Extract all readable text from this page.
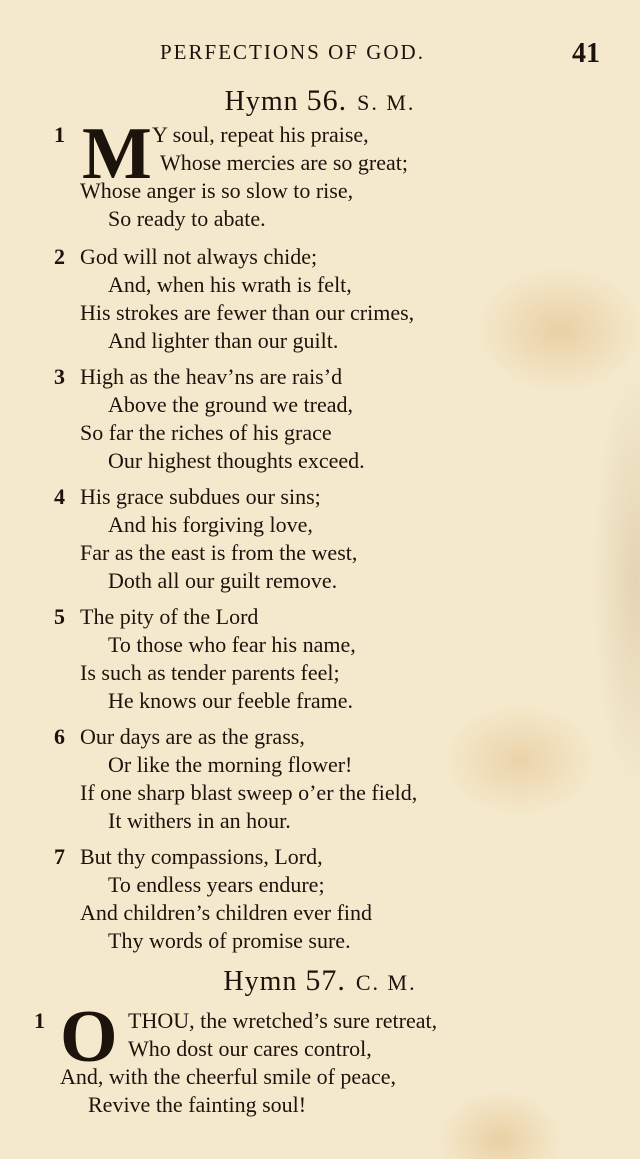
PERFECTIONS OF GOD.	41
Hymn 56. S. M.
1 M Y soul, repeat his praise,
Whose mercies are so great;
Whose anger is so slow to rise,
So ready to abate.
2 God will not always chide;
And, when his wrath is felt,
His strokes are fewer than our crimes,
And lighter than our guilt.
3 High as the heav’ns are rais’d
Above the ground we tread,
So far the riches of his grace
Our highest thoughts exceed.
4 His grace subdues our sins;
And his forgiving love,
Far as the east is from the west,
Doth all our guilt remove.
5 The pity of the Lord
To those who fear his name,
Is such as tender parents feel;
He knows our feeble frame.
6 Our days are as the grass,
Or like the morning flower!
If one sharp blast sweep o’er the field,
It withers in an hour.
7 But thy compassions, Lord,
To endless years endure;
And children’s children ever find
Thy words of promise sure.
Hymn 57. C. M.
1 O THOU, the wretched’s sure retreat,
Who dost our cares control,
And, with the cheerful smile of peace,
Revive the fainting soul!
